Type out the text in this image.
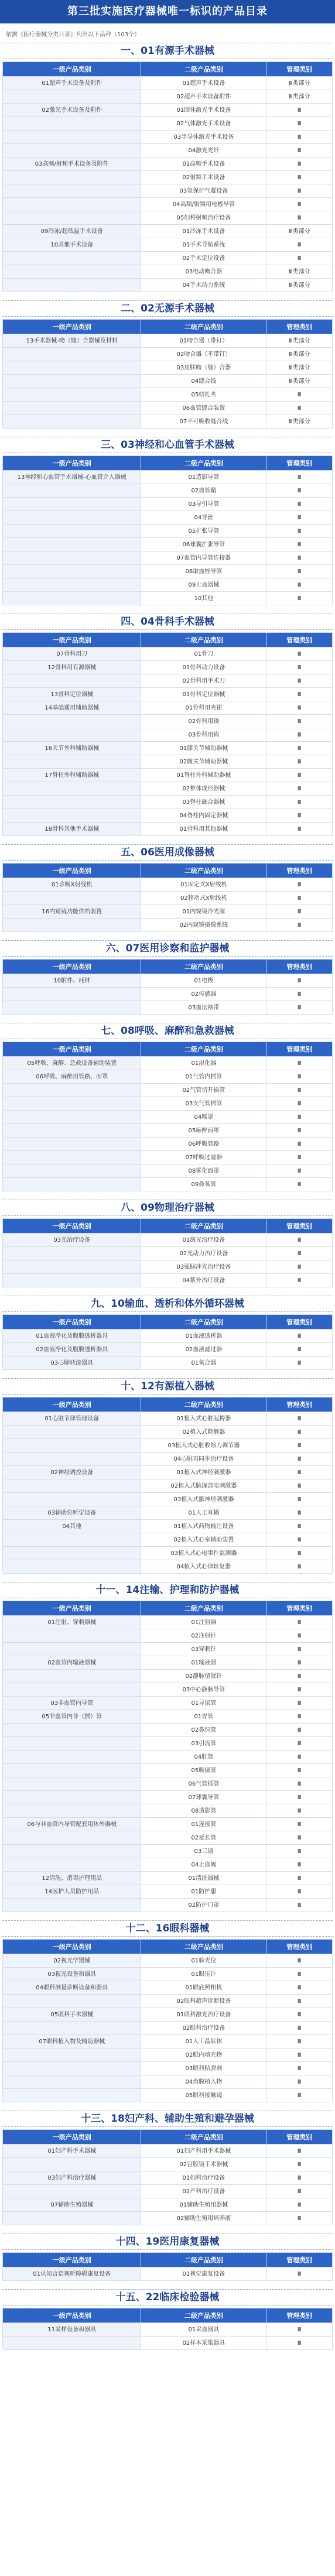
第三批实施医疗器械唯一标识的产品目录
依据《医疗器械分类目录》列出以下品种（103个）
一、01有源手术器械
一级产品类别	二级产品类别	管理类别
01超声手术设备及附件	01超声手术设备	Ⅲ类部分
	02超声手术设备附件	Ⅲ类部分
02激光手术设备及附件	01固体激光手术设备	Ⅲ
	02气体激光手术设备	Ⅲ
	03半导体激光手术设备	Ⅲ
	04激光光纤	Ⅲ
03高频/射频手术设备及附件	01高频手术设备	Ⅲ
	02射频手术设备	Ⅲ
	03氩保护气凝设备	Ⅲ
	04高频/射频用电极导管	Ⅲ
	05妇科射频治疗设备	Ⅲ
09冷冻/超低温手术设备	01冷冻手术设备	Ⅲ类部分
10其他手术设备	01手术导航系统	Ⅲ
	02手术定位设备	Ⅲ
	03电动吻合器	Ⅲ类部分
	04手术动力系统	Ⅲ类部分
二、02无源手术器械
一级产品类别	二级产品类别	管理类别
13手术器械-吻（缝）合器械及材料	01吻合器（带钉）	Ⅲ类部分
	02吻合器（不带钉）	Ⅲ类部分
	03皮肤吻（缝）合器	Ⅲ类部分
	04缝合线	Ⅲ类部分
	05结扎夹	Ⅲ
	06血管缝合装置	Ⅲ
	07不可吸收缝合线	Ⅲ类部分
三、03神经和心血管手术器械
一级产品类别	二级产品类别	管理类别
13神经和心血管手术器械-心血管介入器械	01造影导管	Ⅲ
	02血管鞘	Ⅲ
	03导引导管	Ⅲ
	04导丝	Ⅲ
	05扩张导管	Ⅲ
	06球囊扩张导管	Ⅲ
	07血管内导管连接器	Ⅲ
	08取血栓导管	Ⅲ
	09止血器械	Ⅲ
	10其他	Ⅲ
四、04骨科手术器械
一级产品类别	二级产品类别	管理类别
07骨科用刀	01骨刀	Ⅲ
12骨科用有源器械	01骨科动力设备	Ⅲ
	02骨科用手术刀	Ⅲ
13骨科定位器械	01骨科定位器械	Ⅲ
14基础通用辅助器械	01骨科用夹钳	Ⅲ
	02骨科用镊	Ⅲ
	03骨科用钩	Ⅲ
16关节外科辅助器械	01膝关节辅助器械	Ⅲ
	02髋关节辅助器械	Ⅲ
17脊柱外科辅助器械	01脊柱外科辅助器械	Ⅲ
	02椎体成形器械	Ⅲ
	03脊柱融合器械	Ⅲ
	04脊柱内固定器械	Ⅲ
18骨科其他手术器械	01骨科用其他器械	Ⅲ
五、06医用成像器械
一级产品类别	二级产品类别	管理类别
01诊断X射线机	01固定式X射线机	Ⅲ
	02移动式X射线机	Ⅲ
16内窥镜功能供给装置	01内窥镜冷光源	Ⅲ
	02内窥镜摄像系统	Ⅲ
六、07医用诊察和监护器械
一级产品类别	二级产品类别	管理类别
10附件、耗材	01电极	Ⅲ
	02传感器	Ⅲ
	03血压袖带	Ⅲ
七、08呼吸、麻醉和急救器械
一级产品类别	二级产品类别	管理类别
05呼吸、麻醉、急救设备辅助装置	01湿化器	Ⅲ
06呼吸、麻醉用管路、面罩	01气管内插管	Ⅲ
	02气管切开插管	Ⅲ
	03支气管插管	Ⅲ
	04喉罩	Ⅲ
	05麻醉面罩	Ⅲ
	06呼吸管路	Ⅲ
	07呼吸过滤器	Ⅲ
	08雾化面罩	Ⅲ
	09鼻氧管	Ⅲ
八、09物理治疗器械
一级产品类别	二级产品类别	管理类别
03光治疗设备	01激光治疗设备	Ⅲ
	02光动力治疗设备	Ⅲ
	03强脉冲光治疗设备	Ⅲ
	04紫外治疗设备	Ⅲ
九、10输血、透析和体外循环器械
一级产品类别	二级产品类别	管理类别
01血液净化及腹膜透析器具	01血液透析器	Ⅲ
02血液净化及腹膜透析器具	02血液滤过器	Ⅲ
03心肺转流器具	01氧合器	Ⅲ
十、12有源植入器械
一级产品类别	二级产品类别	管理类别
01心脏节律管理设备	01植入式心脏起搏器	Ⅲ
	02植入式除颤器	Ⅲ
	03植入式心脏收缩力调节器	Ⅲ
	04心脏再同步治疗设备	Ⅲ
02神经调控设备	01植入式神经刺激器	Ⅲ
	02植入式脑深部电刺激器	Ⅲ
	03植入式骶神经刺激器	Ⅲ
03辅助位听觉设备	01人工耳蜗	Ⅲ
04其他	01植入式药物输注设备	Ⅲ
	02植入式心室辅助装置	Ⅲ
	03植入式心电事件监测器	Ⅲ
	04植入式心律转复器	Ⅲ
十一、14注输、护理和防护器械
一级产品类别	二级产品类别	管理类别
01注射、穿刺器械	01注射器	Ⅲ
	02注射针	Ⅲ
	03穿刺针	Ⅲ
02血管内输液器械	01输液器	Ⅲ
	02静脉留置针	Ⅲ
	03中心静脉导管	Ⅲ
03非血管内导管	01导尿管	Ⅲ
05非血管内导（插）管	01胃管	Ⅲ
	02鼻饲管	Ⅲ
	03引流管	Ⅲ
	04肛管	Ⅲ
	05吸痰管	Ⅲ
	06气管插管	Ⅲ
	07球囊导管	Ⅲ
	08造影管	Ⅲ
06与非血管内导管配套用体外器械	01连接管	Ⅲ
	02延长管	Ⅲ
	03三通	Ⅲ
	04止血阀	Ⅲ
12清洗、消毒护理用品	01清洗器械	Ⅲ
14医护人员防护用品	01防护服	Ⅲ
	02防护口罩	Ⅲ
十二、16眼科器械
一级产品类别	二级产品类别	管理类别
02视光学器械	01验光仪	Ⅲ
03视光设备和器具	01眼压计	Ⅲ
04眼科测量诊断设备和器具	01眼底照相机	Ⅲ
	02眼科超声诊断设备	Ⅲ
05眼科手术器械	01眼科激光治疗设备	Ⅲ
	02眼科治疗设备	Ⅲ
07眼科植入物及辅助器械	01人工晶状体	Ⅲ
	02眼内填充物	Ⅲ
	03眼科粘弹剂	Ⅲ
	04角膜植入物	Ⅲ
	05眼科接触镜	Ⅲ
十三、18妇产科、辅助生殖和避孕器械
一级产品类别	二级产品类别	管理类别
01妇产科手术器械	01妇产科用手术器械	Ⅲ
	02宫腔镜手术器械	Ⅲ
03妇产科治疗器械	01妇科治疗设备	Ⅲ
	02产科治疗设备	Ⅲ
07辅助生殖器械	01辅助生殖用器械	Ⅲ
	02辅助生殖用培养液	Ⅲ
十四、19医用康复器械
一级产品类别	二级产品类别	管理类别
01认知言语视听障碍康复设备	01视觉康复设备	Ⅲ
十五、22临床检验器械
一级产品类别	二级产品类别	管理类别
11采样设备和器具	01采血器具	Ⅲ
	02样本采集器具	Ⅲ
